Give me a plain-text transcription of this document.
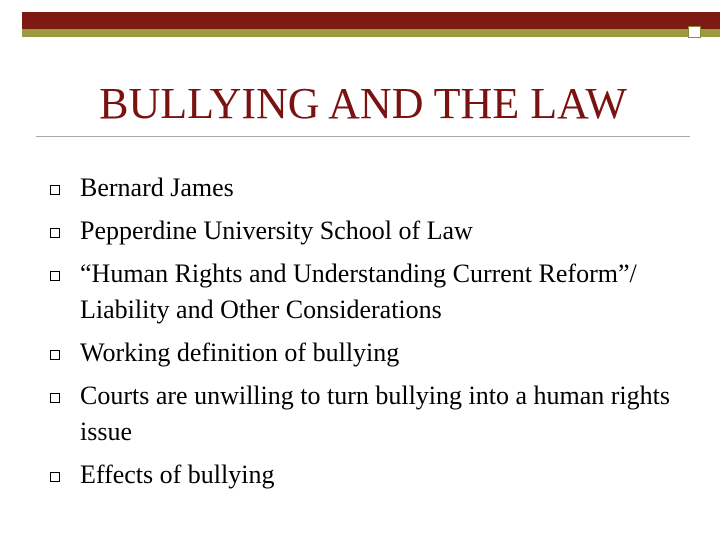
BULLYING AND THE LAW
Bernard James
Pepperdine University School of Law
“Human Rights and Understanding Current Reform”/ Liability and Other Considerations
Working definition of bullying
Courts are unwilling to turn bullying into a human rights issue
Effects of bullying
